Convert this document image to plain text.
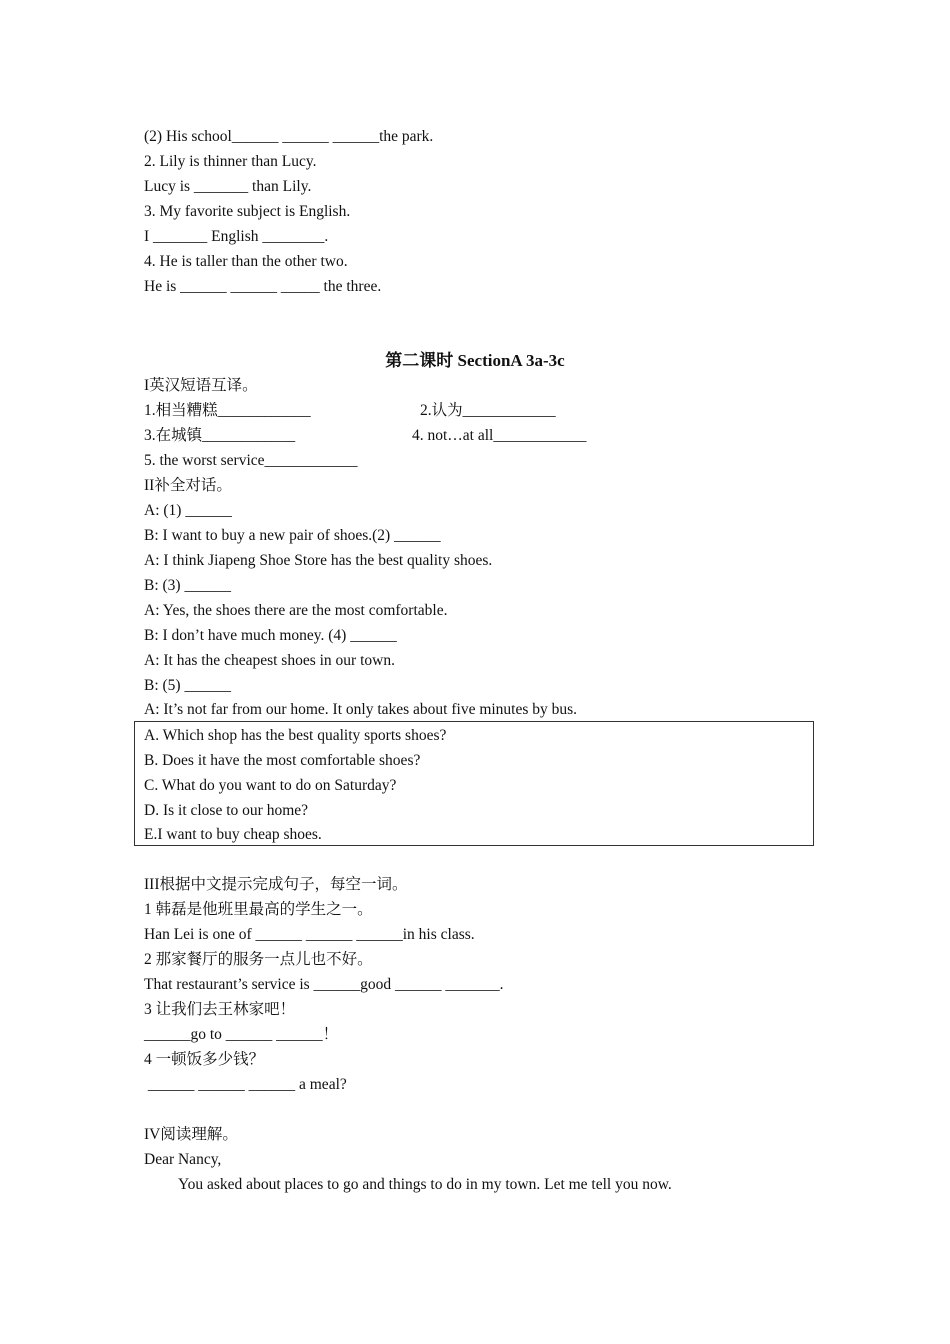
(2) His school______ ______ ______the park.
2. Lily is thinner than Lucy.
Lucy is _______ than Lily.
3. My favorite subject is English.
I _______ English ________.
4. He is taller than the other two.
He is ______ ______ _____ the three.
第二课时 SectionA 3a-3c
I英汉短语互译。
1.相当糟糕____________	2.认为____________
3.在城镇____________	4. not…at all____________
5. the worst service____________
II补全对话。
A: (1) ______
B: I want to buy a new pair of shoes.(2) ______
A: I think Jiapeng Shoe Store has the best quality shoes.
B: (3) ______
A: Yes, the shoes there are the most comfortable.
B: I don’t have much money. (4) ______
A: It has the cheapest shoes in our town.
B: (5) ______
A: It’s not far from our home. It only takes about five minutes by bus.
A. Which shop has the best quality sports shoes?
B. Does it have the most comfortable shoes?
C. What do you want to do on Saturday?
D. Is it close to our home?
E.I want to buy cheap shoes.
III根据中文提示完成句子，每空一词。
1 韩磊是他班里最高的学生之一。
Han Lei is one of ______ ______ ______in his class.
2 那家餐厅的服务一点儿也不好。
That restaurant’s service is ______good ______ _______.
3 让我们去王林家吧！
______go to ______ ______！
4 一顿饭多少钱？
______ ______ ______ a meal?
IV阅读理解。
Dear Nancy,
You asked about places to go and things to do in my town. Let me tell you now.
